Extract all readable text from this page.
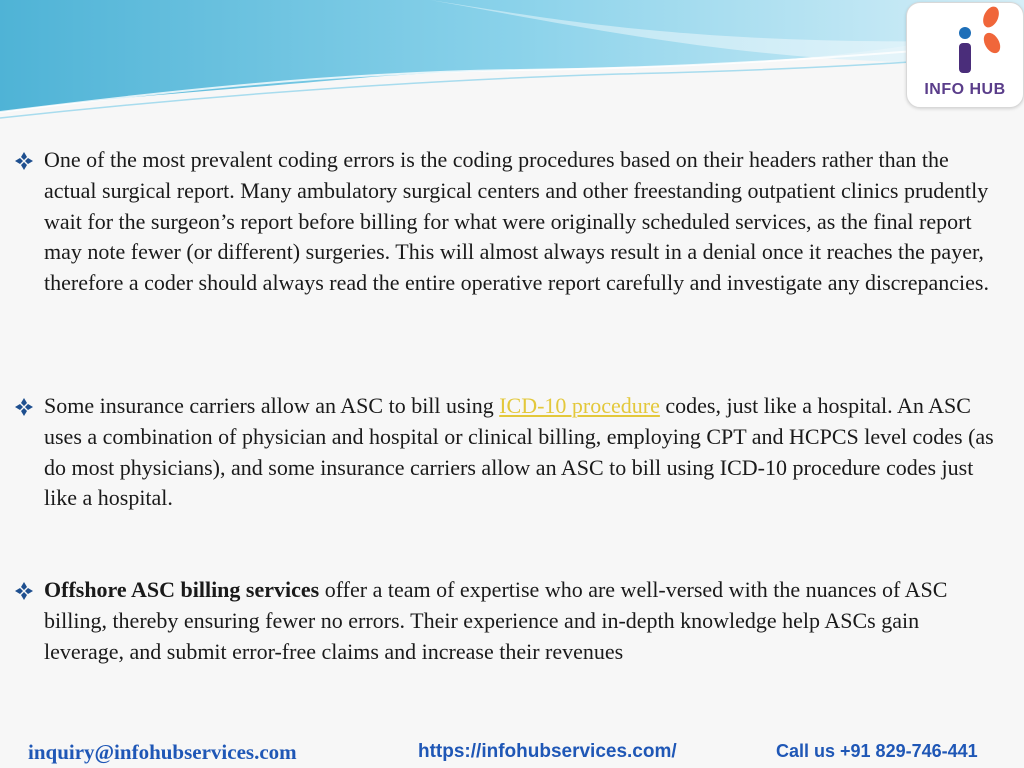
INFO HUB
One of the most prevalent coding errors is the coding procedures based on their headers rather than the actual surgical report. Many ambulatory surgical centers and other freestanding outpatient clinics prudently wait for the surgeon’s report before billing for what were originally scheduled services, as the final report may note fewer (or different) surgeries. This will almost always result in a denial once it reaches the payer, therefore a coder should always read the entire operative report carefully and investigate any discrepancies.
Some insurance carriers allow an ASC to bill using ICD-10 procedure codes, just like a hospital. An ASC uses a combination of physician and hospital or clinical billing, employing CPT and HCPCS level codes (as do most physicians), and some insurance carriers allow an ASC to bill using ICD-10 procedure codes just like a hospital.
Offshore ASC billing services offer a team of expertise who are well-versed with the nuances of ASC billing, thereby ensuring fewer no errors. Their experience and in-depth knowledge help ASCs gain leverage, and submit error-free claims and increase their revenues
inquiry@infohubservices.com	https://infohubservices.com/	Call us +91 829-746-441
